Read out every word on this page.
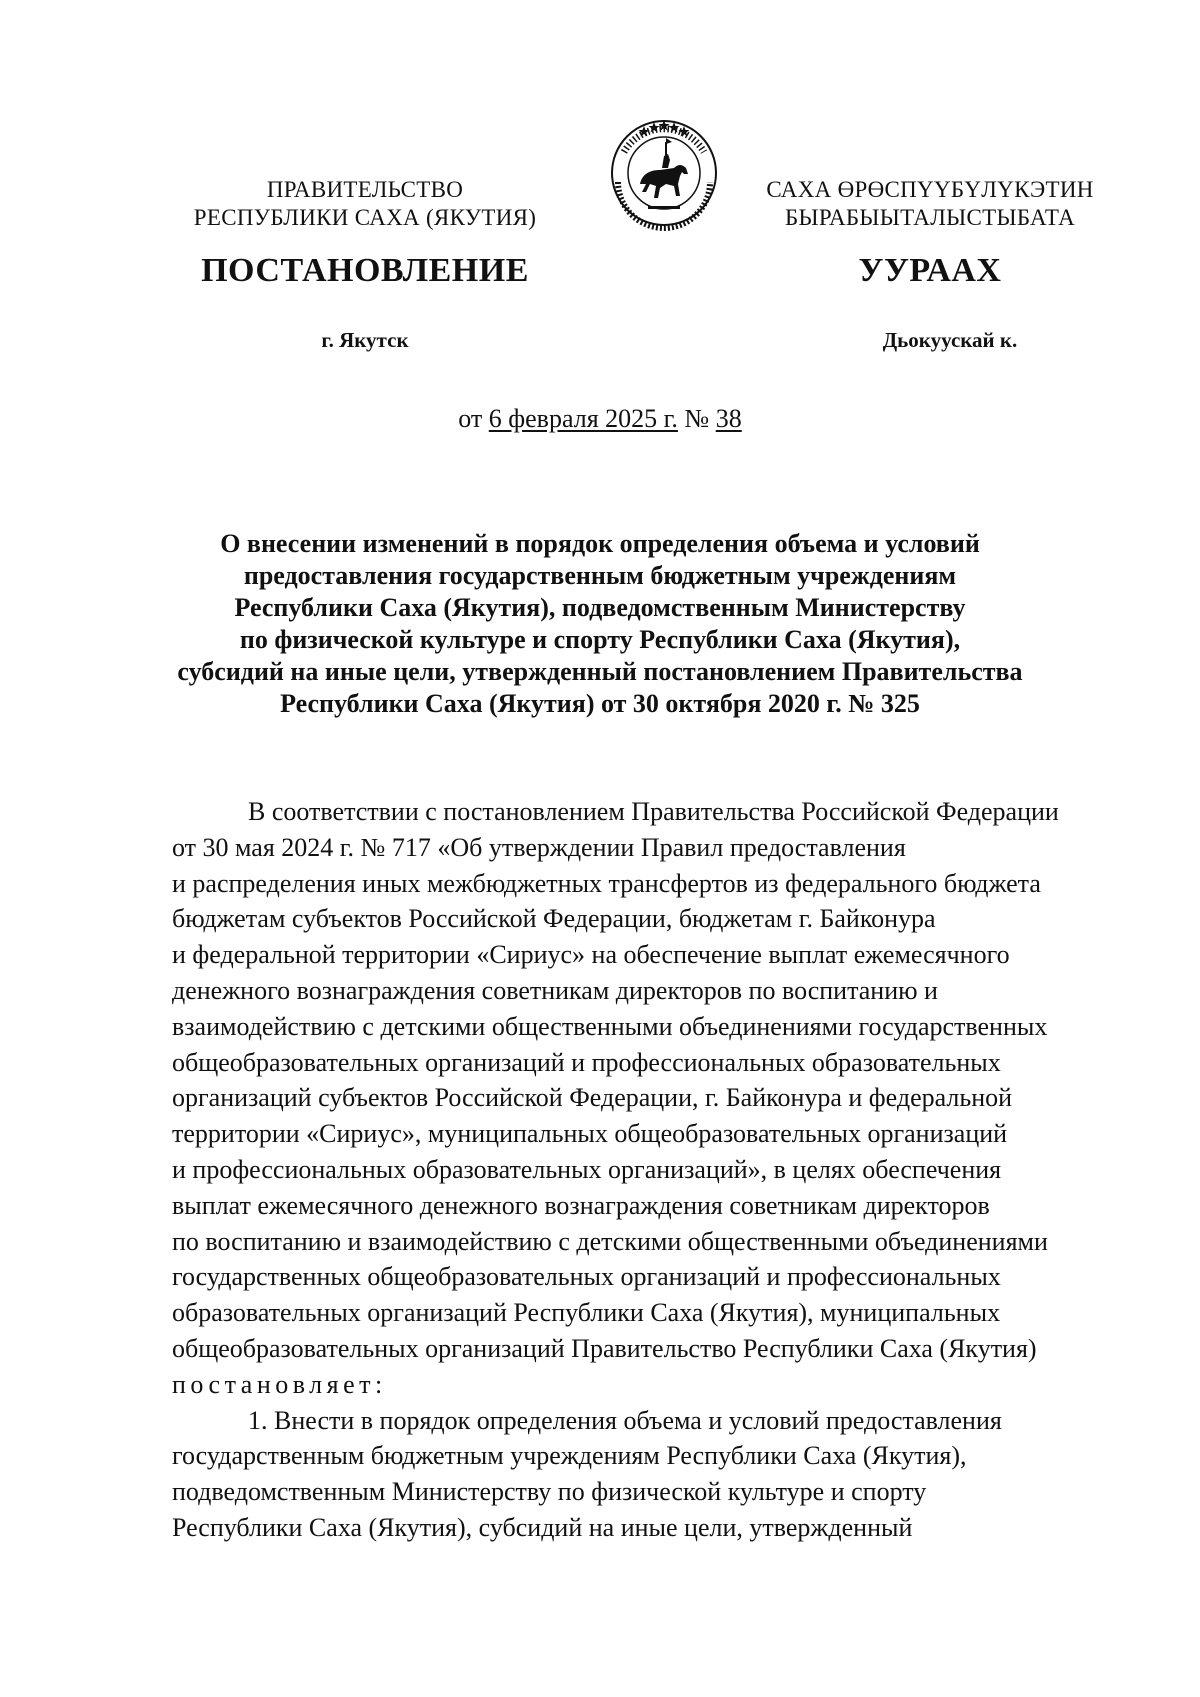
ПРАВИТЕЛЬСТВО
РЕСПУБЛИКИ САХА (ЯКУТИЯ)
САХА ӨРӨСПҮҮБҮЛҮКЭТИН
БЫРАБЫЫТАЛЫСТЫБАТА
ПОСТАНОВЛЕНИЕ	УУРААХ
г. Якутск	Дьокуускай к.
от 6 февраля 2025 г. № 38
О внесении изменений в порядок определения объема и условий
предоставления государственным бюджетным учреждениям
Республики Саха (Якутия), подведомственным Министерству
по физической культуре и спорту Республики Саха (Якутия),
субсидий на иные цели, утвержденный постановлением Правительства
Республики Саха (Якутия) от 30 октября 2020 г. № 325
В соответствии с постановлением Правительства Российской Федерации
от 30 мая 2024 г. № 717 «Об утверждении Правил предоставления
и распределения иных межбюджетных трансфертов из федерального бюджета
бюджетам субъектов Российской Федерации, бюджетам г. Байконура
и федеральной территории «Сириус» на обеспечение выплат ежемесячного
денежного вознаграждения советникам директоров по воспитанию и
взаимодействию с детскими общественными объединениями государственных
общеобразовательных организаций и профессиональных образовательных
организаций субъектов Российской Федерации, г. Байконура и федеральной
территории «Сириус», муниципальных общеобразовательных организаций
и профессиональных образовательных организаций», в целях обеспечения
выплат ежемесячного денежного вознаграждения советникам директоров
по воспитанию и взаимодействию с детскими общественными объединениями
государственных общеобразовательных организаций и профессиональных
образовательных организаций Республики Саха (Якутия), муниципальных
общеобразовательных организаций Правительство Республики Саха (Якутия)
постановляет:
1. Внести в порядок определения объема и условий предоставления
государственным бюджетным учреждениям Республики Саха (Якутия),
подведомственным Министерству по физической культуре и спорту
Республики Саха (Якутия), субсидий на иные цели, утвержденный
